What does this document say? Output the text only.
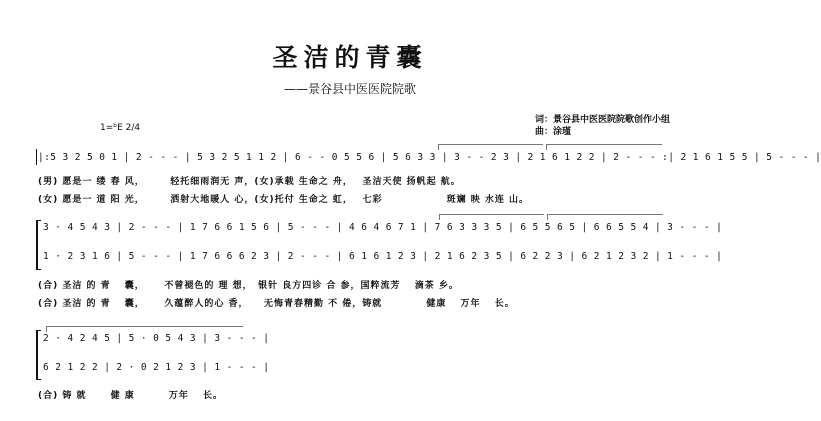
圣洁的青囊
——景谷县中医医院院歌
词：景谷县中医医院院歌创作小组
曲：涂瑾
1=ᵇE 2/4
|:5 3 2 5 0 1 | 2 - - - | 5 3 2 5 1 1 2 | 6 - - 0 5 5 6 | 5 6 3 3 | 3 - - 2 3 | 2 1 6 1 2 2 | 2 - - - :| 2 1 6 1 5 5 | 5 - - - |
(男) 愿是一 缕 春 风，　　　轻托细雨润无 声，(女)承载 生命之 舟，　 圣洁天使 扬帆起 航。
(女) 愿是一 道 阳 光，　　　洒射大地暖人 心，(女)托付 生命之 虹，　 七彩　　　　　　 斑斓 映 水连 山。
3 · 4 5 4 3 | 2 - - - | 1 7 6 6 1 5 6 | 5 - - - | 4 6 4 6 7 1 | 7 6 3 3 3 5 | 6 5 5 6 5 | 6 6 5 5 4 | 3 - - - |
1 · 2 3 1 6 | 5 - - - | 1 7 6 6 6 2 3 | 2 - - - | 6 1 6 1 2 3 | 2 1 6 2 3 5 | 6 2 2 3 | 6 2 1 2 3 2 | 1 - - - |
(合) 圣洁 的 青　 囊，　　 不曾褪色的 理 想，　银针 良方四诊 合 参，国粹流芳　 滴茶 乡。
(合) 圣洁 的 青　 囊，　　 久蕴醉人的心 香，　　无悔青春精勤 不 倦，铸就　　　　 健康　 万年　 长。
2 · 4 2 4 5 | 5 · 0 5 4 3 | 3 - - - |
6 2 1 2 2 | 2 · 0 2 1 2 3 | 1 - - - |
(合) 铸 就　　 健 康　　　 万年　 长。
